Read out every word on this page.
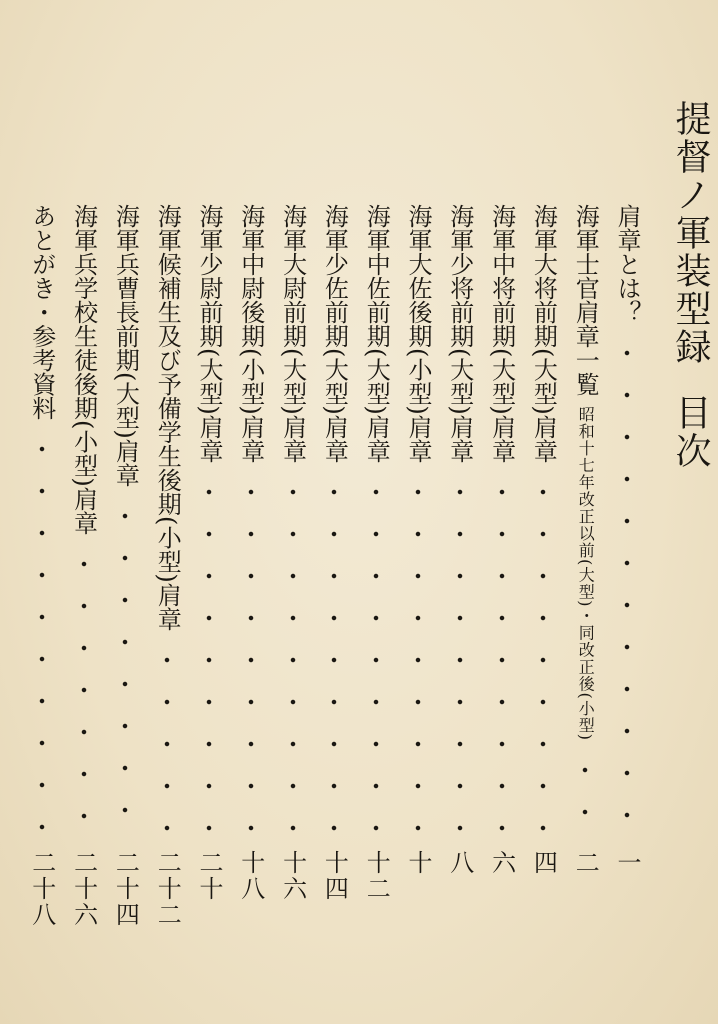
提督ノ軍装型録
目次
肩章とは？
一
海軍士官肩章一覧
昭和十七年改正以前(大型)・同改正後(小型)
二
海軍大将前期(大型)肩章
四
海軍中将前期(大型)肩章
六
海軍少将前期(大型)肩章
八
海軍大佐後期(小型)肩章
十
海軍中佐前期(大型)肩章
十二
海軍少佐前期(大型)肩章
十四
海軍大尉前期(大型)肩章
十六
海軍中尉後期(小型)肩章
十八
海軍少尉前期(大型)肩章
二十
海軍候補生及び予備学生後期(小型)肩章
二十二
海軍兵曹長前期(大型)肩章
二十四
海軍兵学校生徒後期(小型)肩章
二十六
あとがき・参考資料
二十八
